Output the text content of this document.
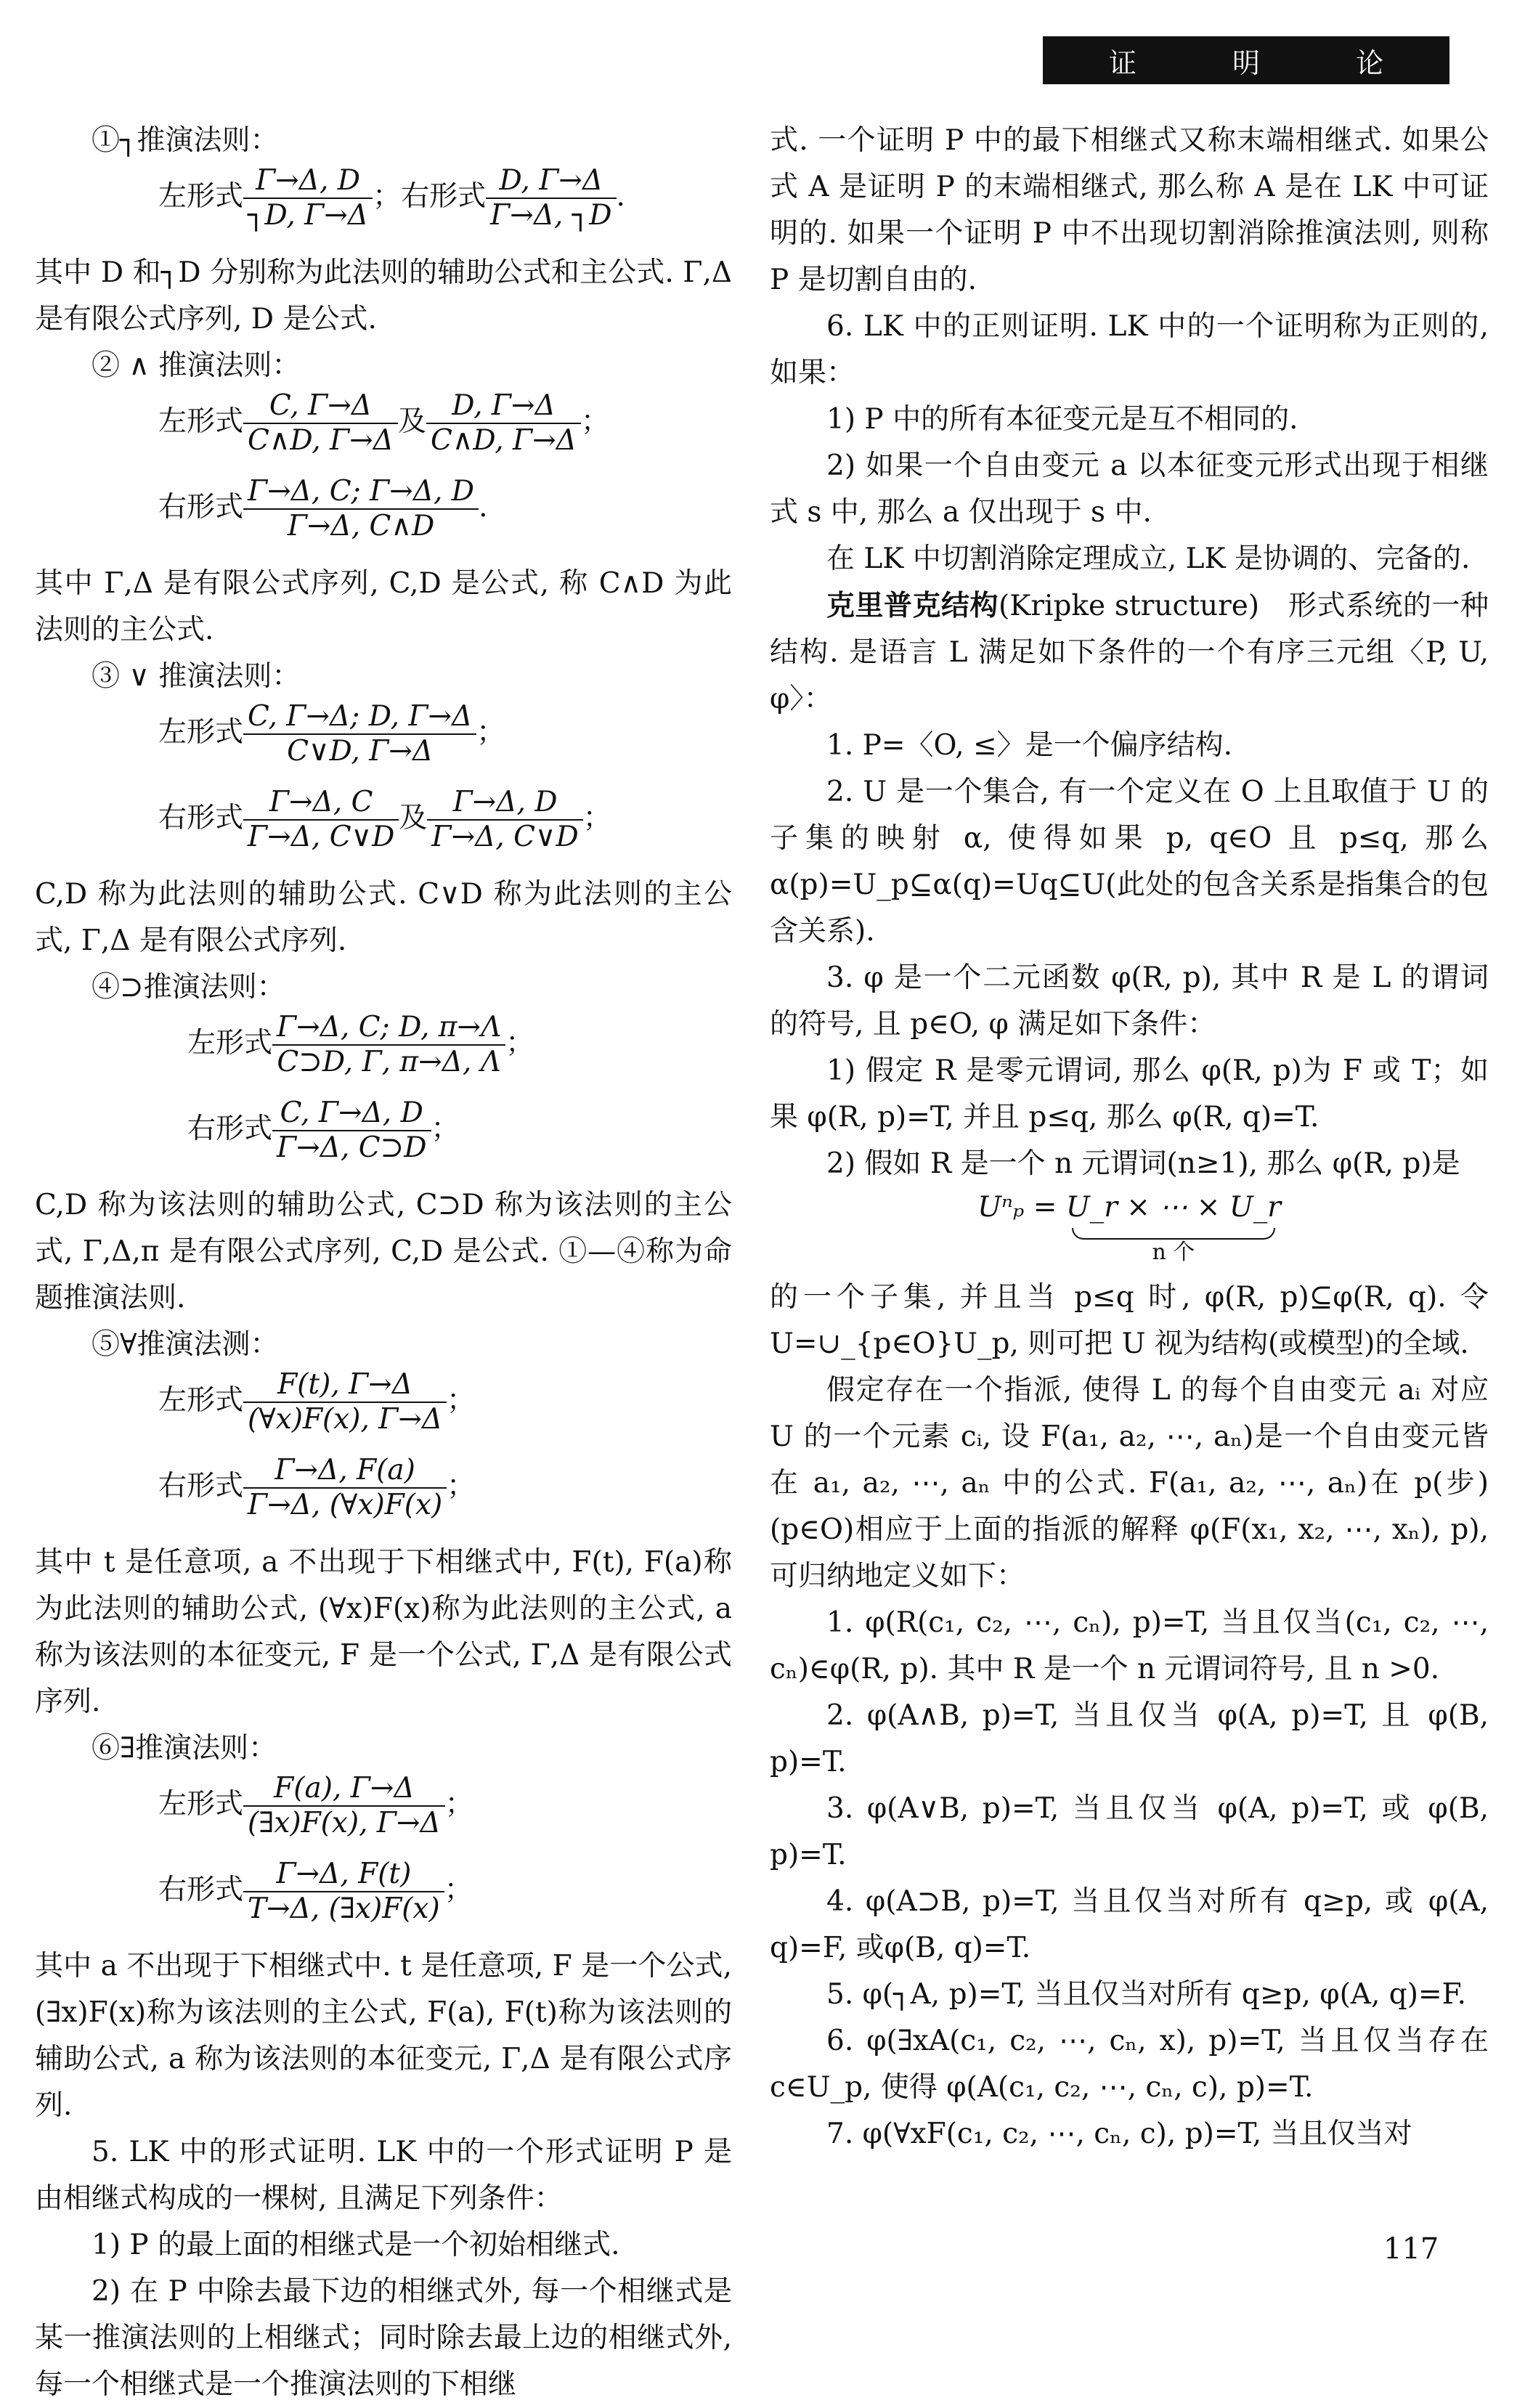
证 明 论

①┐推演法则：

左形式 $\frac{\Gamma\to\Delta, D}{┐D, \Gamma\to\Delta}$ ；右形式 $\frac{D, \Gamma\to\Delta}{\Gamma\to\Delta, ┐D}$ .

其中 D 和┐D 分别称为此法则的辅助公式和主公式. Γ,Δ 是有限公式序列, D 是公式.

② ∧ 推演法则：

左形式 $\frac{C, \Gamma\to\Delta}{C\wedge D, \Gamma\to\Delta}$ 及 $\frac{D, \Gamma\to\Delta}{C\wedge D, \Gamma\to\Delta}$ ；
右形式 $\frac{\Gamma\to\Delta, C; \Gamma\to\Delta, D}{\Gamma\to\Delta, C\wedge D}$ .

其中 Γ,Δ 是有限公式序列, C,D 是公式, 称 C∧D 为此法则的主公式.

③ ∨ 推演法则：

左形式 $\frac{C, \Gamma\to\Delta; D, \Gamma\to\Delta}{C\vee D, \Gamma\to\Delta}$ ；
右形式 $\frac{\Gamma\to\Delta, C}{\Gamma\to\Delta, C\vee D}$ 及 $\frac{\Gamma\to\Delta, D}{\Gamma\to\Delta, C\vee D}$ ；

C,D 称为此法则的辅助公式. C∨D 称为此法则的主公式, Γ,Δ 是有限公式序列.

④⊃推演法则：

左形式 $\frac{\Gamma\to\Delta, C; D, \pi\to\Lambda}{C⊃D, \Gamma, \pi\to\Delta, \Lambda}$ ；
右形式 $\frac{C, \Gamma\to\Delta, D}{\Gamma\to\Delta, C⊃D}$ ；

C,D 称为该法则的辅助公式, C⊃D 称为该法则的主公式, Γ,Δ,π 是有限公式序列, C,D 是公式. ①—④称为命题推演法则.

⑤∀推演法测：

左形式 $\frac{F(t), \Gamma\to\Delta}{(\forall x)F(x), \Gamma\to\Delta}$ ；
右形式 $\frac{\Gamma\to\Delta, F(a)}{\Gamma\to\Delta, (\forall x)F(x)}$ ；

其中 t 是任意项, a 不出现于下相继式中, F(t), F(a)称为此法则的辅助公式, (∀x)F(x)称为此法则的主公式, a 称为该法则的本征变元, F 是一个公式, Γ,Δ 是有限公式序列.

⑥∃推演法则：

左形式 $\frac{F(a), \Gamma\to\Delta}{(\exists x)F(x), \Gamma\to\Delta}$ ；
右形式 $\frac{\Gamma\to\Delta, F(t)}{T\to\Delta, (\exists x)F(x)}$ ；

其中 a 不出现于下相继式中. t 是任意项, F 是一个公式, (∃x)F(x)称为该法则的主公式, F(a), F(t)称为该法则的辅助公式, a 称为该法则的本征变元, Γ,Δ 是有限公式序列.

5. LK 中的形式证明. LK 中的一个形式证明 P 是由相继式构成的一棵树, 且满足下列条件：

1) P 的最上面的相继式是一个初始相继式.

2) 在 P 中除去最下边的相继式外, 每一个相继式是某一推演法则的上相继式；同时除去最上边的相继式外, 每一个相继式是一个推演法则的下相继

式. 一个证明 P 中的最下相继式又称末端相继式. 如果公式 A 是证明 P 的末端相继式, 那么称 A 是在 LK 中可证明的. 如果一个证明 P 中不出现切割消除推演法则, 则称 P 是切割自由的.

6. LK 中的正则证明. LK 中的一个证明称为正则的, 如果：

1) P 中的所有本征变元是互不相同的.

2) 如果一个自由变元 a 以本征变元形式出现于相继式 s 中, 那么 a 仅出现于 s 中.

在 LK 中切割消除定理成立, LK 是协调的、完备的.

克里普克结构(Kripke structure)　形式系统的一种结构. 是语言 L 满足如下条件的一个有序三元组〈P, U, φ〉：

1. P=〈O, ≤〉是一个偏序结构.

2. U 是一个集合, 有一个定义在 O 上且取值于 U 的子集的映射 α, 使得如果 p, q∈O 且 p≤q, 那么 α(p)=U_p⊆α(q)=Uq⊆U(此处的包含关系是指集合的包含关系).

3. φ 是一个二元函数 φ(R, p), 其中 R 是 L 的谓词的符号, 且 p∈O, φ 满足如下条件：

1) 假定 R 是零元谓词, 那么 φ(R, p)为 F 或 T；如果 φ(R, p)=T, 并且 p≤q, 那么 φ(R, q)=T.

2) 假如 R 是一个 n 元谓词(n≥1), 那么 φ(R, p)是

Uⁿₚ = U_r × ⋯ × U_r
n 个

的一个子集, 并且当 p≤q 时, φ(R, p)⊆φ(R, q). 令 U=∪_{p∈O}U_p, 则可把 U 视为结构(或模型)的全域.

假定存在一个指派, 使得 L 的每个自由变元 aᵢ 对应 U 的一个元素 cᵢ, 设 F(a₁, a₂, ⋯, aₙ)是一个自由变元皆在 a₁, a₂, ⋯, aₙ 中的公式. F(a₁, a₂, ⋯, aₙ)在 p(步)(p∈O)相应于上面的指派的解释 φ(F(x₁, x₂, ⋯, xₙ), p), 可归纳地定义如下：

1. φ(R(c₁, c₂, ⋯, cₙ), p)=T, 当且仅当(c₁, c₂, ⋯, cₙ)∈φ(R, p). 其中 R 是一个 n 元谓词符号, 且 n >0.

2. φ(A∧B, p)=T, 当且仅当 φ(A, p)=T, 且 φ(B, p)=T.

3. φ(A∨B, p)=T, 当且仅当 φ(A, p)=T, 或 φ(B, p)=T.

4. φ(A⊃B, p)=T, 当且仅当对所有 q≥p, 或 φ(A, q)=F, 或φ(B, q)=T.

5. φ(┐A, p)=T, 当且仅当对所有 q≥p, φ(A, q)=F.

6. φ(∃xA(c₁, c₂, ⋯, cₙ, x), p)=T, 当且仅当存在 c∈U_p, 使得 φ(A(c₁, c₂, ⋯, cₙ, c), p)=T.

7. φ(∀xF(c₁, c₂, ⋯, cₙ, c), p)=T, 当且仅当对

117
